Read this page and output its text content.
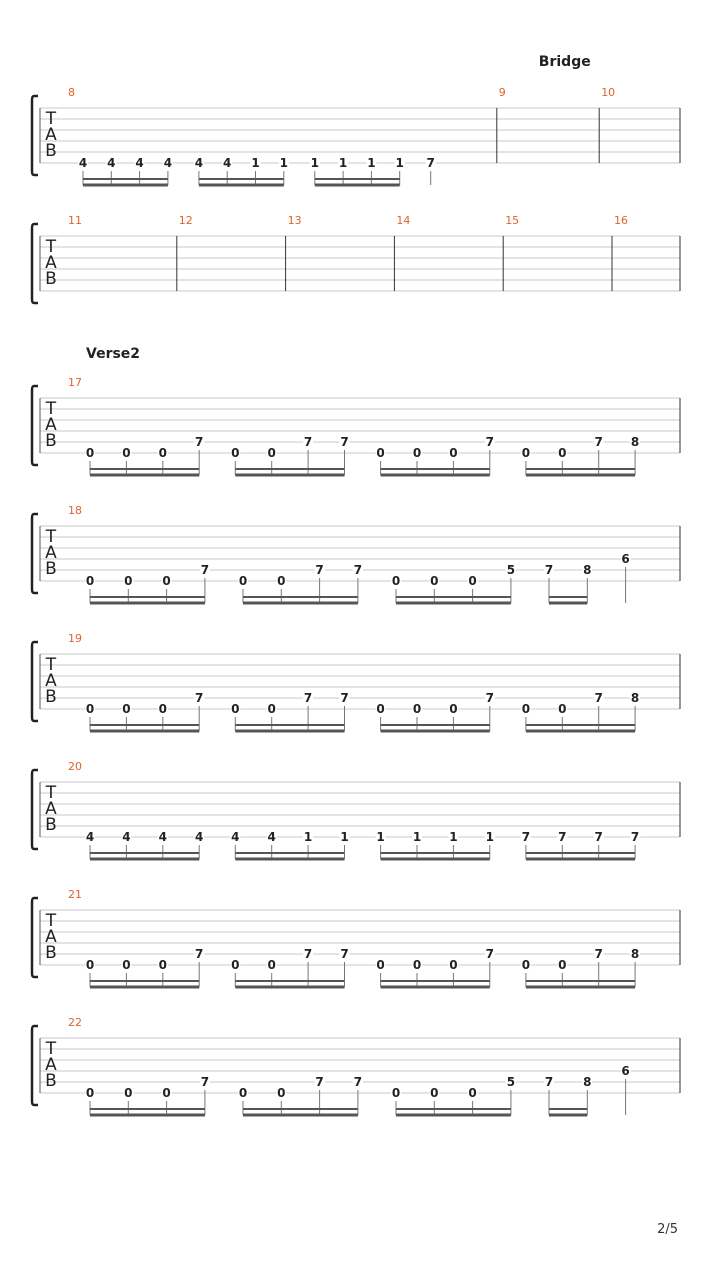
T
A
B
8
4 4 4 4 4 4 1 1 1 1 1 1 7
9
Bridge
10
T
A
B
11	12	13	14	15	16
T
A
B
Verse2
17
0 0 0
7
0 0
7 7
0 0 0
7
0 0
7 8
T
A
B
18
0 0 0
7
0 0
7 7
0 0 0
5 7 8
6
T
A
B
19
0 0 0
7
0 0
7 7
0 0 0
7
0 0
7 8
T
A
B
20
4 4 4 4 4 4 1 1 1 1 1 1 7 7 7 7
T
A
B
21
0 0 0
7
0 0
7 7
0 0 0
7
0 0
7 8
T
A
B
22
0 0 0
7
0 0
7 7
0 0 0
5 7 8
6
2/5
